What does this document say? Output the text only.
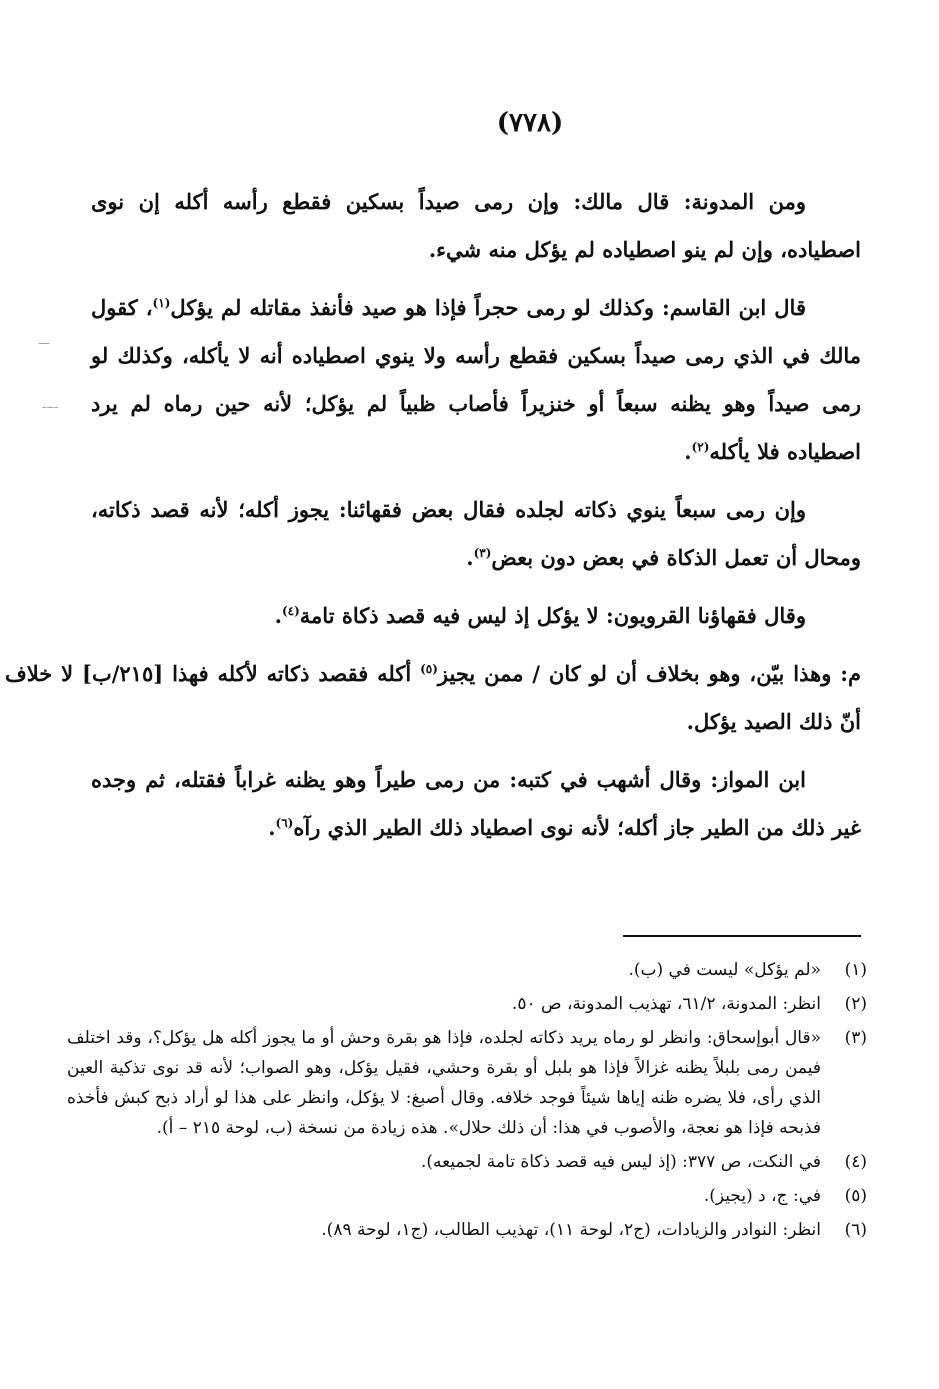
(٧٧٨)

ومن المدونة: قال مالك: وإن رمى صيداً بسكين فقطع رأسه أكله إن نوى اصطياده، وإن لم ينو اصطياده لم يؤكل منه شيء.

قال ابن القاسم: وكذلك لو رمى حجراً فإذا هو صيد فأنفذ مقاتله لم يؤكل$^{(١)}$، كقول مالك في الذي رمى صيداً بسكين فقطع رأسه ولا ينوي اصطياده أنه لا يأكله، وكذلك لو رمى صيداً وهو يظنه سبعاً أو خنزيراً فأصاب ظبياً لم يؤكل؛ لأنه حين رماه لم يرد اصطياده فلا يأكله$^{(٢)}$.

وإن رمى سبعاً ينوي ذكاته لجلده فقال بعض فقهائنا: يجوز أكله؛ لأنه قصد ذكاته، ومحال أن تعمل الذكاة في بعض دون بعض$^{(٣)}$.

وقال فقهاؤنا القرويون: لا يؤكل إذ ليس فيه قصد ذكاة تامة$^{(٤)}$.

م: وهذا بيّن، وهو بخلاف أن لو كان / ممن يجيز$^{(٥)}$ أكله فقصد ذكاته لأكله فهذا [٢١٥/ب] لا خلاف أنّ ذلك الصيد يؤكل.

ابن المواز: وقال أشهب في كتبه: من رمى طيراً وهو يظنه غراباً فقتله، ثم وجده غير ذلك من الطير جاز أكله؛ لأنه نوى اصطياد ذلك الطير الذي رآه$^{(٦)}$.

—
-‒-
(١)
«لم يؤكل» ليست في (ب).
(٢)
انظر: المدونة، ٦١/٢، تهذيب المدونة، ص ٥٠.
(٣)
«قال أبوإسحاق: وانظر لو رماه يريد ذكاته لجلده، فإذا هو بقرة وحش أو ما يجوز أكله هل يؤكل؟، وقد اختلف فيمن رمى بلبلاً يظنه غزالاً فإذا هو بلبل أو بقرة وحشي، فقيل يؤكل، وهو الصواب؛ لأنه قد نوى تذكية العين الذي رأى، فلا يضره ظنه إياها شيئاً فوجد خلافه. وقال أصبغ: لا يؤكل، وانظر على هذا لو أراد ذبح كبش فأخذه فذبحه فإذا هو نعجة، والأصوب في هذا: أن ذلك حلال». هذه زيادة من نسخة (ب، لوحة ٢١٥ – أ).
(٤)
في النكت، ص ٣٧٧: (إذ ليس فيه قصد ذكاة تامة لجميعه).
(٥)
في: ج، د (يجيز).
(٦)
انظر: النوادر والزيادات، (ج٢، لوحة ١١)، تهذيب الطالب، (ج١، لوحة ٨٩).
